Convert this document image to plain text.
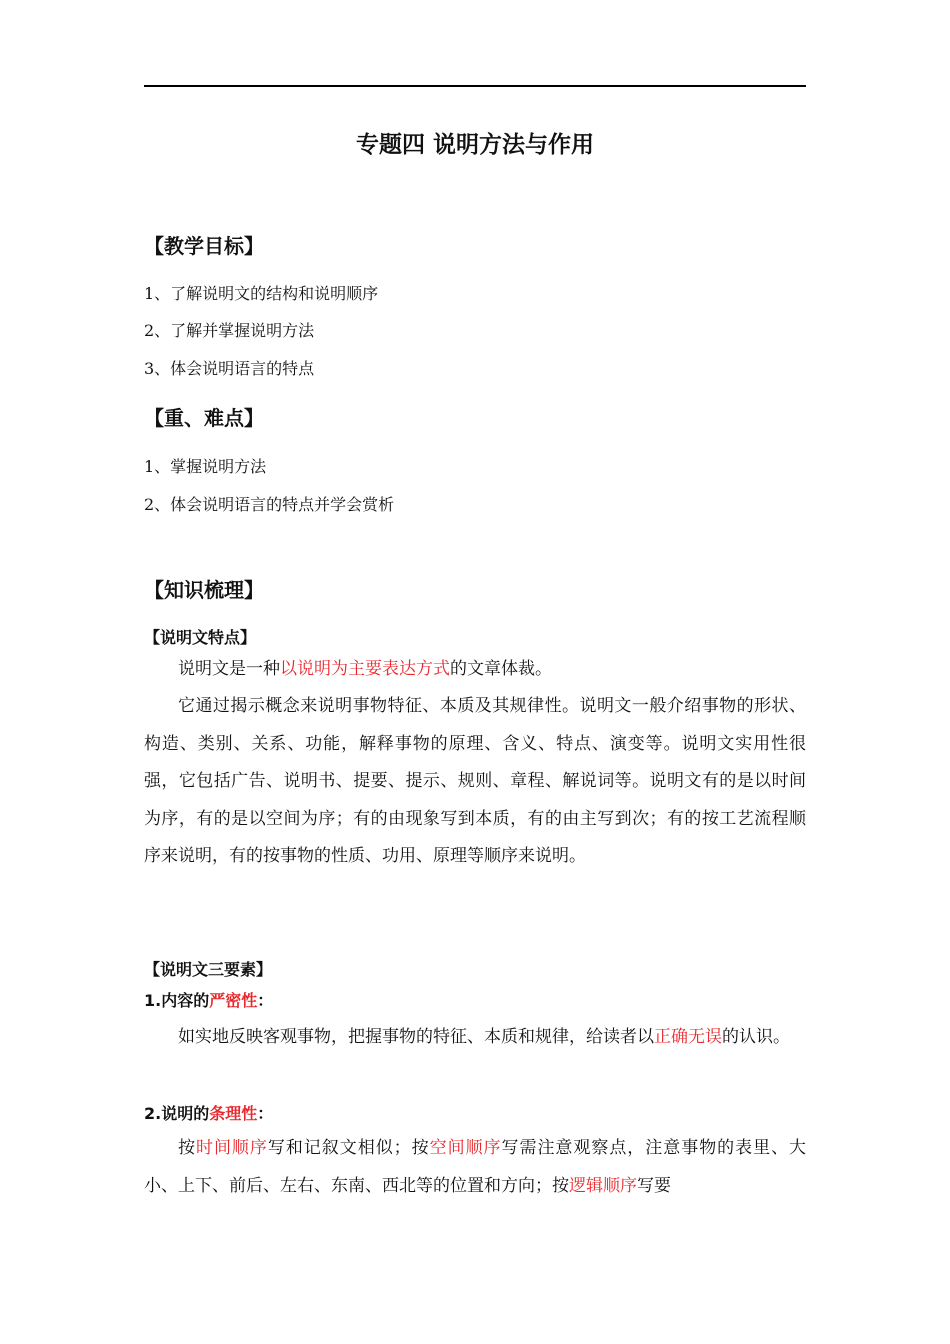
专题四 说明方法与作用
【教学目标】
1、了解说明文的结构和说明顺序
2、了解并掌握说明方法
3、体会说明语言的特点
【重、难点】
1、掌握说明方法
2、体会说明语言的特点并学会赏析
【知识梳理】
【说明文特点】
说明文是一种以说明为主要表达方式的文章体裁。
它通过揭示概念来说明事物特征、本质及其规律性。说明文一般介绍事物的形状、构造、类别、关系、功能，解释事物的原理、含义、特点、演变等。说明文实用性很强，它包括广告、说明书、提要、提示、规则、章程、解说词等。说明文有的是以时间为序，有的是以空间为序；有的由现象写到本质，有的由主写到次；有的按工艺流程顺序来说明，有的按事物的性质、功用、原理等顺序来说明。
【说明文三要素】
1.内容的严密性：
如实地反映客观事物，把握事物的特征、本质和规律，给读者以正确无误的认识。
2.说明的条理性：
按时间顺序写和记叙文相似；按空间顺序写需注意观察点，注意事物的表里、大小、上下、前后、左右、东南、西北等的位置和方向；按逻辑顺序写要
